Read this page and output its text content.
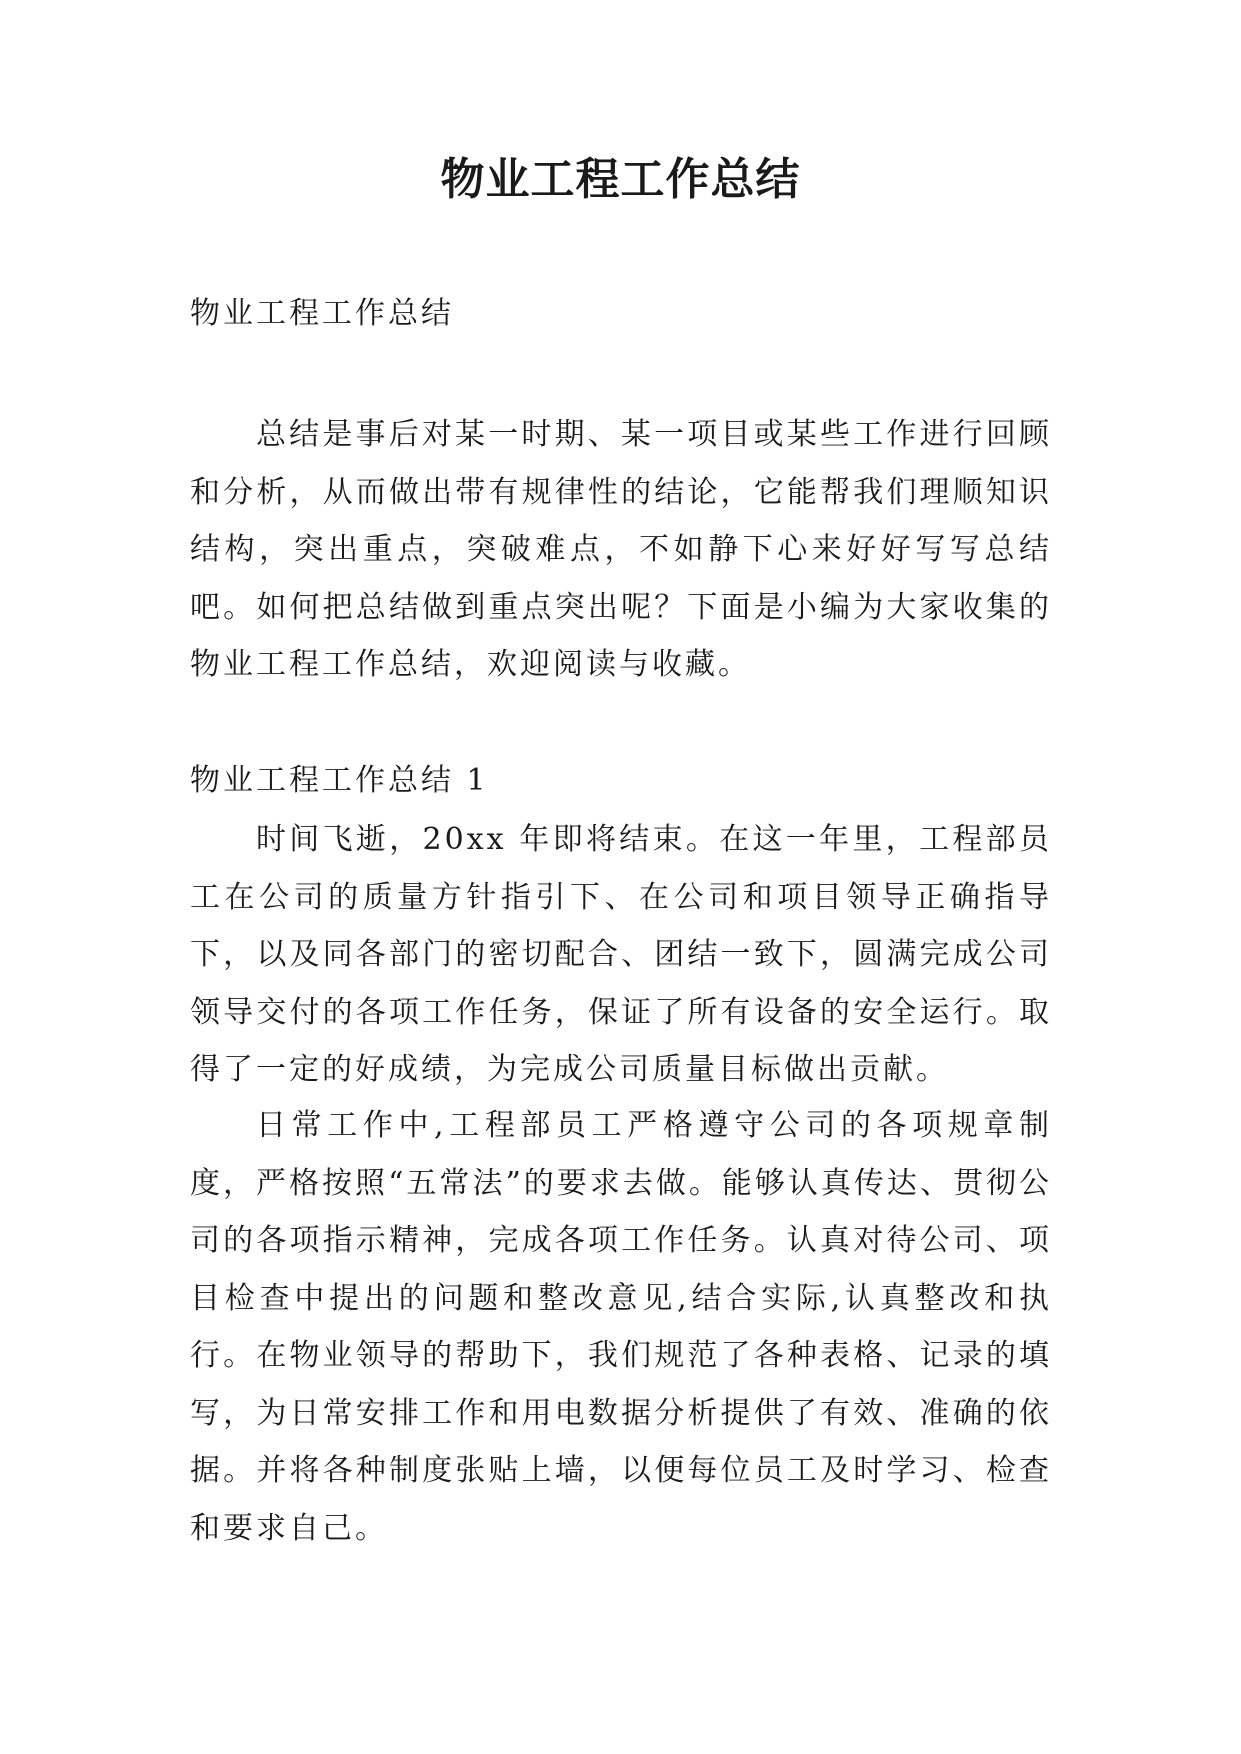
物业工程工作总结

物业工程工作总结

总结是事后对某一时期、某一项目或某些工作进行回顾和分析，从而做出带有规律性的结论，它能帮我们理顺知识结构，突出重点，突破难点，不如静下心来好好写写总结吧。如何把总结做到重点突出呢？下面是小编为大家收集的物业工程工作总结，欢迎阅读与收藏。

物业工程工作总结 1

时间飞逝，20xx 年即将结束。在这一年里，工程部员工在公司的质量方针指引下、在公司和项目领导正确指导下，以及同各部门的密切配合、团结一致下，圆满完成公司领导交付的各项工作任务，保证了所有设备的安全运行。取得了一定的好成绩，为完成公司质量目标做出贡献。

日常工作中,工程部员工严格遵守公司的各项规章制度，严格按照“五常法”的要求去做。能够认真传达、贯彻公司的各项指示精神，完成各项工作任务。认真对待公司、项目检查中提出的问题和整改意见,结合实际,认真整改和执行。在物业领导的帮助下，我们规范了各种表格、记录的填写，为日常安排工作和用电数据分析提供了有效、准确的依据。并将各种制度张贴上墙，以便每位员工及时学习、检查和要求自己。
